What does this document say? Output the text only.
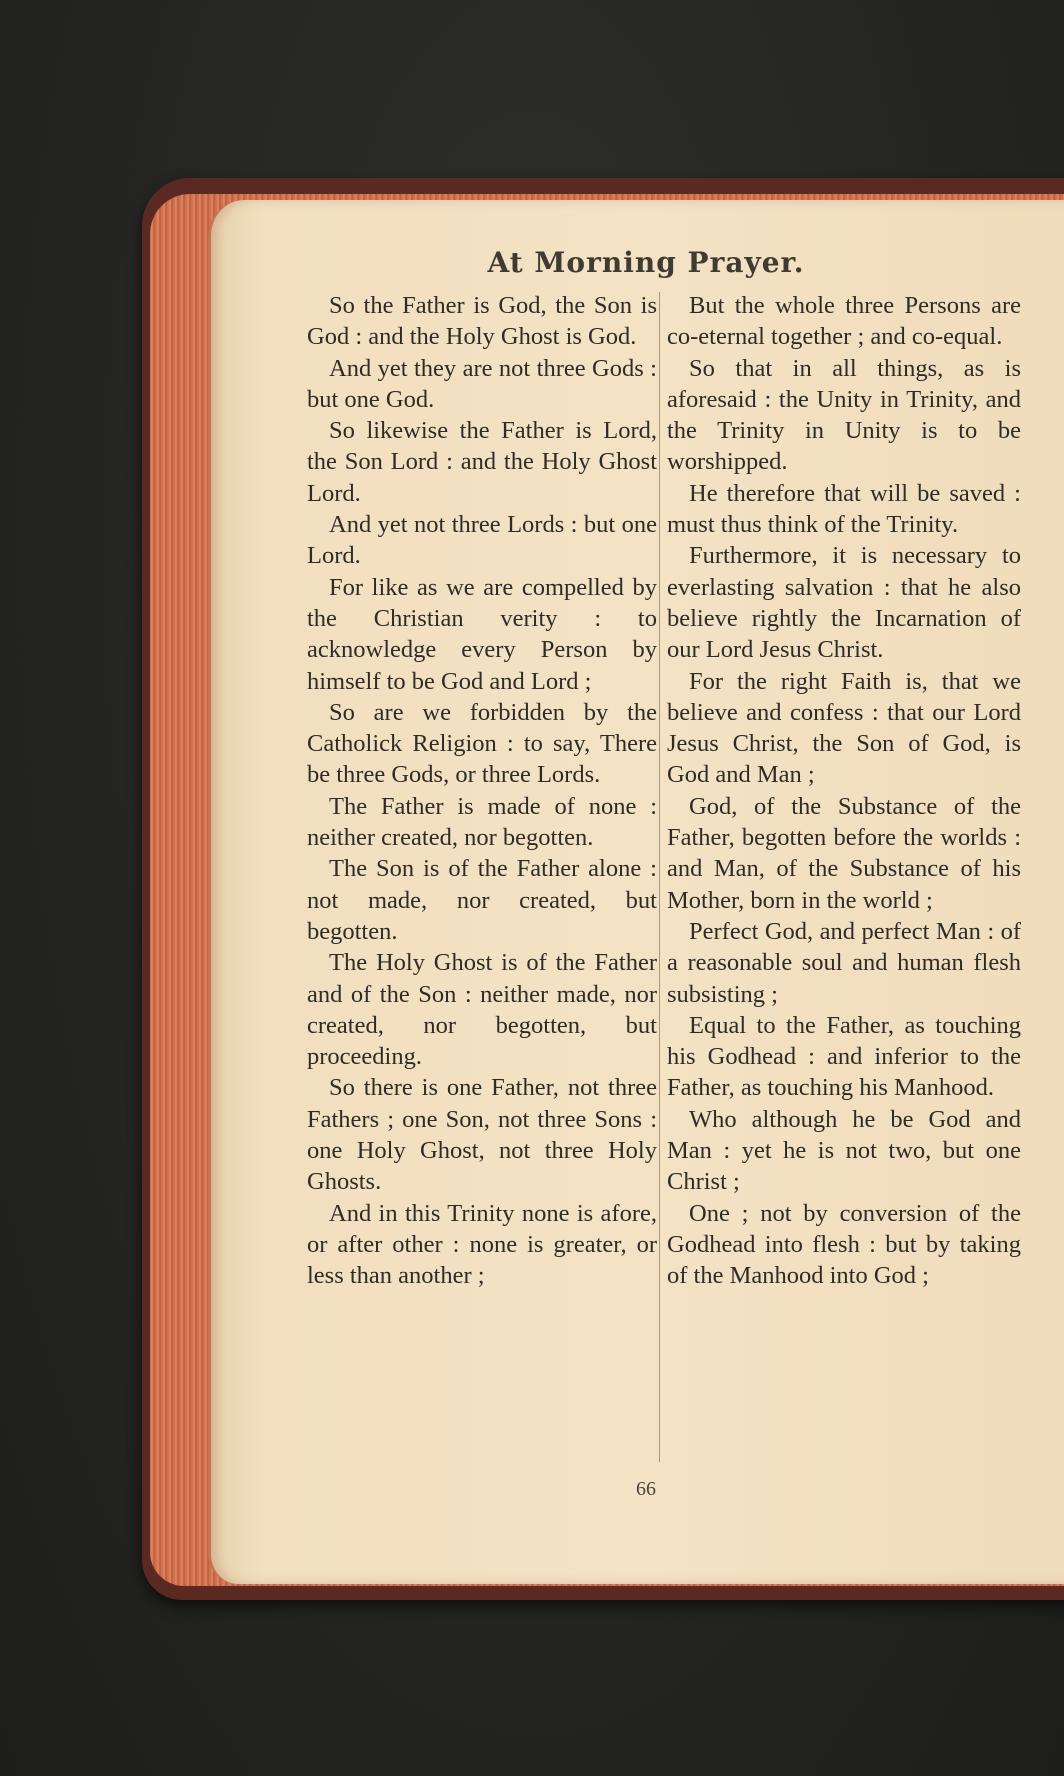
At Morning Prayer.

So the Father is God, the Son is God : and the Holy Ghost is God.

And yet they are not three Gods : but one God.

So likewise the Father is Lord, the Son Lord : and the Holy Ghost Lord.

And yet not three Lords : but one Lord.

For like as we are compelled by the Christian verity : to acknowledge every Person by himself to be God and Lord ;

So are we forbidden by the Catholick Religion : to say, There be three Gods, or three Lords.

The Father is made of none : neither created, nor begotten.

The Son is of the Father alone : not made, nor created, but begotten.

The Holy Ghost is of the Father and of the Son : neither made, nor created, nor begotten, but proceeding.

So there is one Father, not three Fathers ; one Son, not three Sons : one Holy Ghost, not three Holy Ghosts.

And in this Trinity none is afore, or after other : none is greater, or less than another ;

But the whole three Persons are co-eternal together ; and co-equal.

So that in all things, as is aforesaid : the Unity in Trinity, and the Trinity in Unity is to be worshipped.

He therefore that will be saved : must thus think of the Trinity.

Furthermore, it is necessary to everlasting salvation : that he also believe rightly the Incarnation of our Lord Jesus Christ.

For the right Faith is, that we believe and confess : that our Lord Jesus Christ, the Son of God, is God and Man ;

God, of the Substance of the Father, begotten before the worlds : and Man, of the Substance of his Mother, born in the world ;

Perfect God, and perfect Man : of a reasonable soul and human flesh subsisting ;

Equal to the Father, as touching his Godhead : and inferior to the Father, as touching his Manhood.

Who although he be God and Man : yet he is not two, but one Christ ;

One ; not by conversion of the Godhead into flesh : but by taking of the Manhood into God ;

66
